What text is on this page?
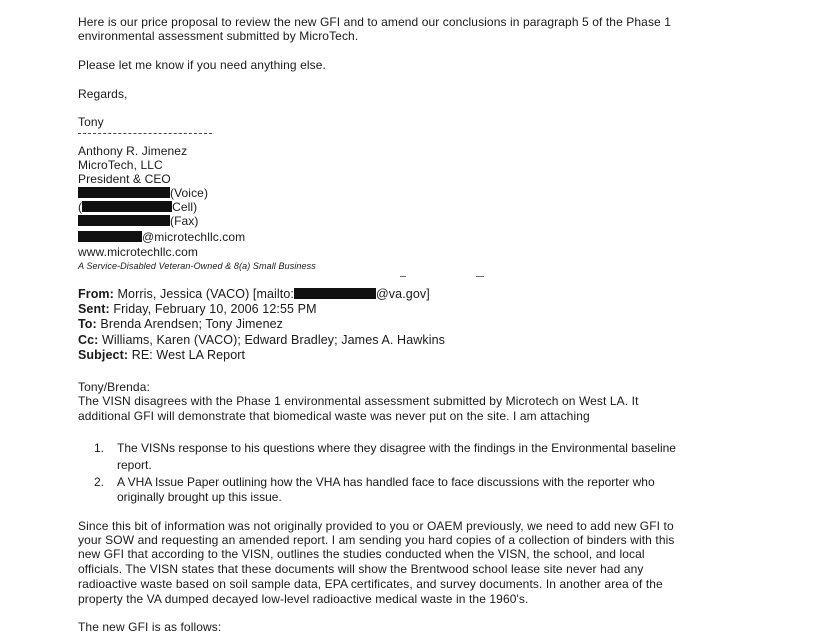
Here is our price proposal to review the new GFI and to amend our conclusions in paragraph 5 of the Phase 1
environmental assessment submitted by MicroTech.
Please let me know if you need anything else.
Regards,
Tony
Anthony R. Jimenez
MicroTech, LLC
President & CEO
(Voice)
(	Cell)
(Fax)
@microtechllc.com
www.microtechllc.com
A Service-Disabled Veteran-Owned & 8(a) Small Business
From: Morris, Jessica (VACO) [mailto:	@va.gov]
Sent: Friday, February 10, 2006 12:55 PM
To: Brenda Arendsen; Tony Jimenez
Cc: Williams, Karen (VACO); Edward Bradley; James A. Hawkins
Subject: RE: West LA Report
Tony/Brenda:
The VISN disagrees with the Phase 1 environmental assessment submitted by Microtech on West LA. It
additional GFI will demonstrate that biomedical waste was never put on the site. I am attaching
1. The VISNs response to his questions where they disagree with the findings in the Environmental baseline
report.
2. A VHA Issue Paper outlining how the VHA has handled face to face discussions with the reporter who
originally brought up this issue.
Since this bit of information was not originally provided to you or OAEM previously, we need to add new GFI to
your SOW and requesting an amended report. I am sending you hard copies of a collection of binders with this
new GFI that according to the VISN, outlines the studies conducted when the VISN, the school, and local
officials. The VISN states that these documents will show the Brentwood school lease site never had any
radioactive waste based on soil sample data, EPA certificates, and survey documents. In another area of the
property the VA dumped decayed low-level radioactive medical waste in the 1960's.
The new GFI is as follows:
